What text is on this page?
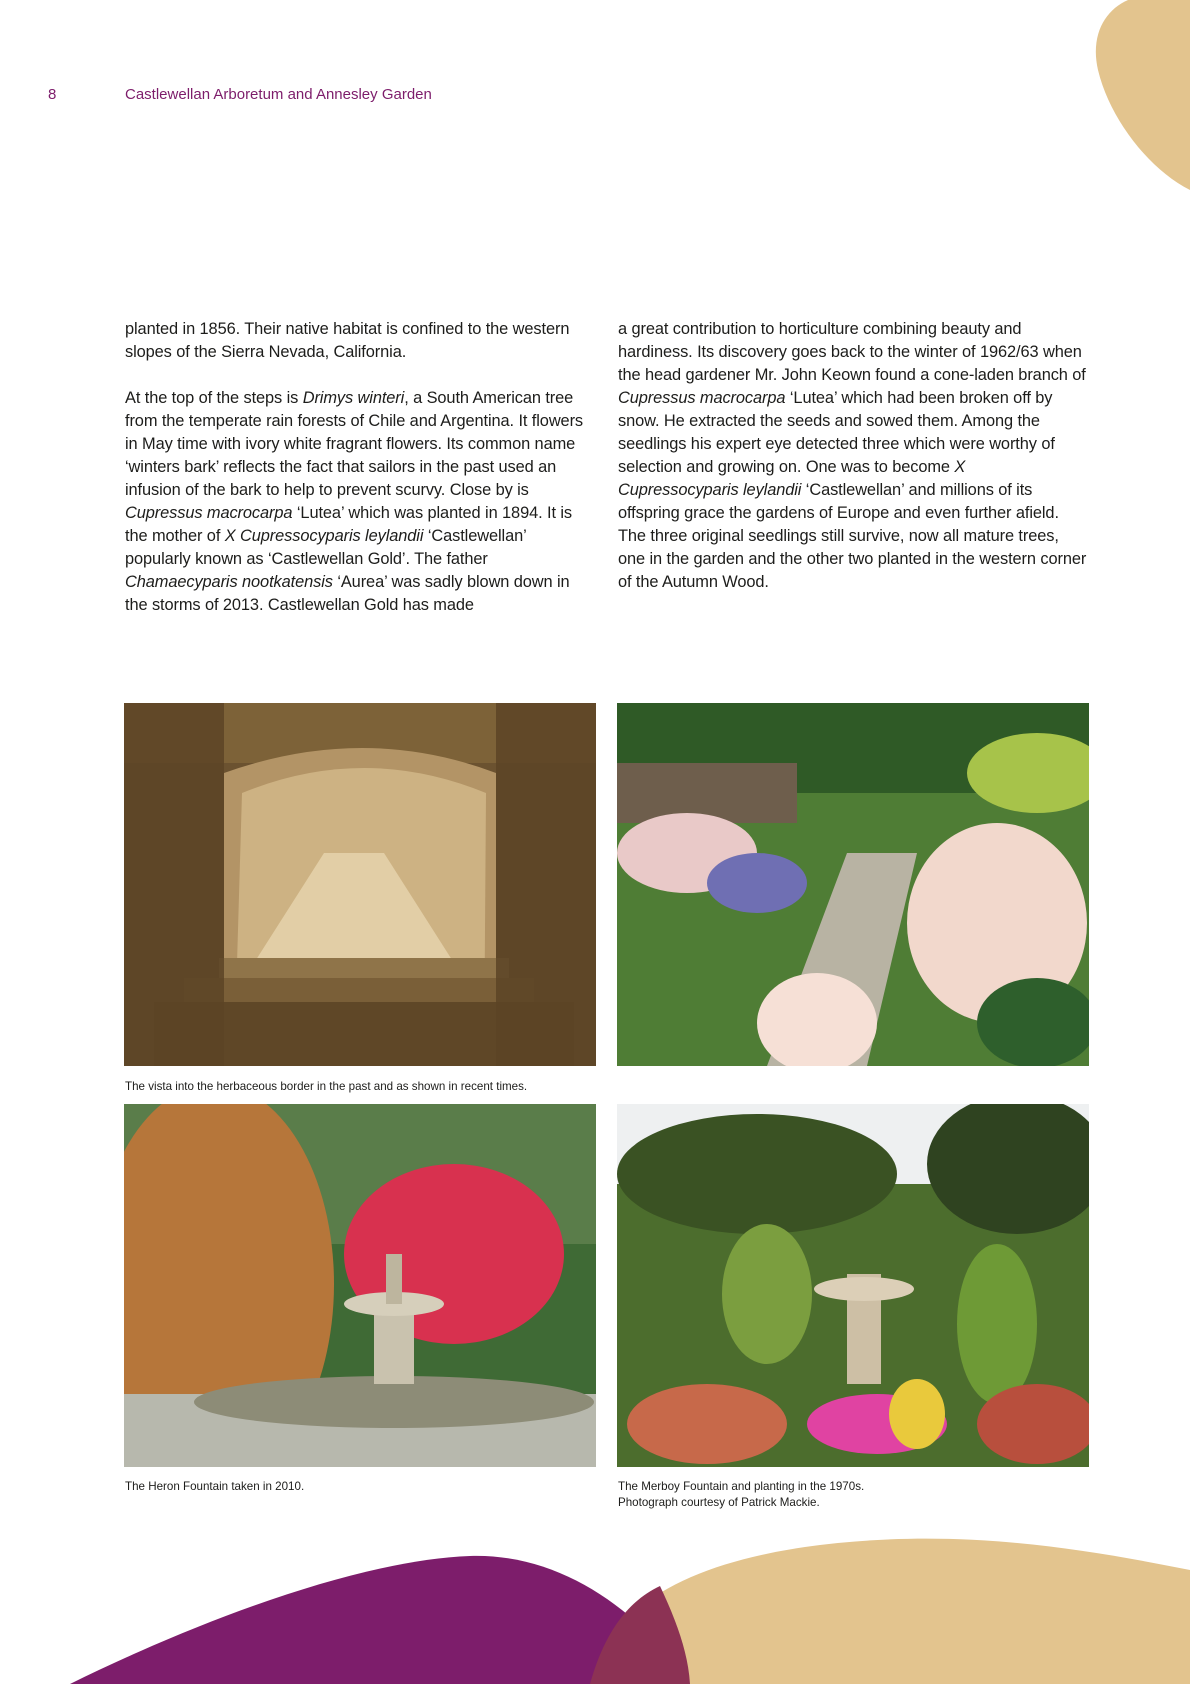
8	Castlewellan Arboretum and Annesley Garden

planted in 1856. Their native habitat is confined to the western slopes of the Sierra Nevada, California.

At the top of the steps is Drimys winteri, a South American tree from the temperate rain forests of Chile and Argentina. It flowers in May time with ivory white fragrant flowers. Its common name ‘winters bark’ reflects the fact that sailors in the past used an infusion of the bark to help to prevent scurvy. Close by is Cupressus macrocarpa ‘Lutea’ which was planted in 1894. It is the mother of X Cupressocyparis leylandii ‘Castlewellan’ popularly known as ‘Castlewellan Gold’. The father Chamaecyparis nootkatensis ‘Aurea’ was sadly blown down in the storms of 2013. Castlewellan Gold has made

a great contribution to horticulture combining beauty and hardiness. Its discovery goes back to the winter of 1962/63 when the head gardener Mr. John Keown found a cone-laden branch of Cupressus macrocarpa ‘Lutea’ which had been broken off by snow. He extracted the seeds and sowed them. Among the seedlings his expert eye detected three which were worthy of selection and growing on. One was to become X Cupressocyparis leylandii ‘Castlewellan’ and millions of its offspring grace the gardens of Europe and even further afield. The three original seedlings still survive, now all mature trees, one in the garden and the other two planted in the western corner of the Autumn Wood.

The vista into the herbaceous border in the past and as shown in recent times.
The Heron Fountain taken in 2010.	The Merboy Fountain and planting in the 1970s.
Photograph courtesy of Patrick Mackie.
